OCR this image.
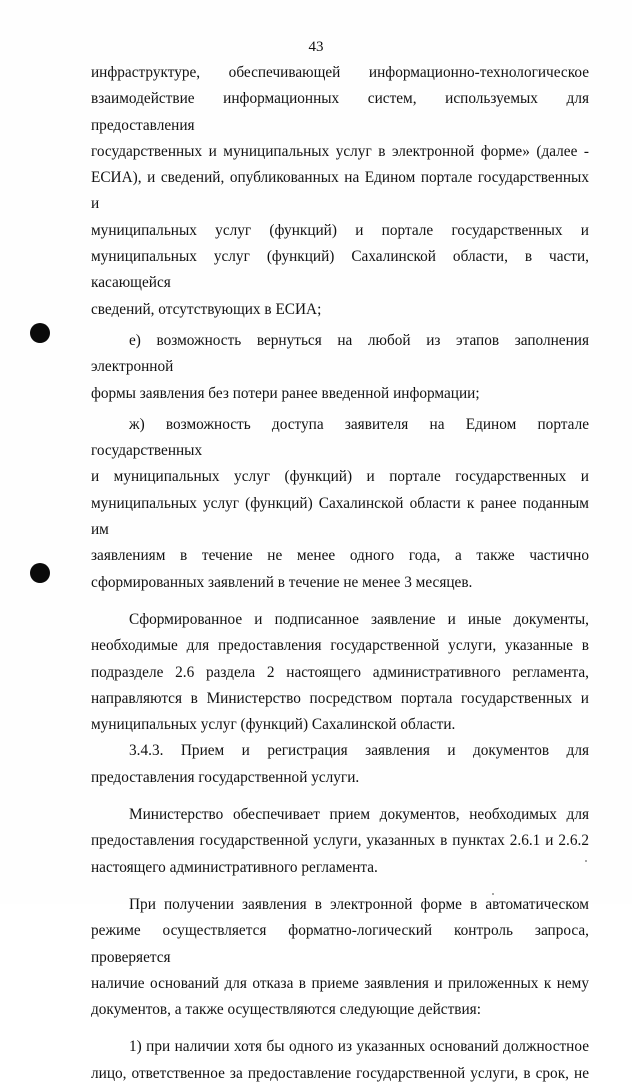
43

инфраструктуре, обеспечивающей информационно-технологическое

взаимодействие информационных систем, используемых для предоставления

государственных и муниципальных услуг в электронной форме» (далее -

ЕСИА), и сведений, опубликованных на Едином портале государственных и

муниципальных услуг (функций) и портале государственных и

муниципальных услуг (функций) Сахалинской области, в части, касающейся

сведений, отсутствующих в ЕСИА;

е) возможность вернуться на любой из этапов заполнения электронной

формы заявления без потери ранее введенной информации;

ж) возможность доступа заявителя на Едином портале государственных

и муниципальных услуг (функций) и портале государственных и

муниципальных услуг (функций) Сахалинской области к ранее поданным им

заявлениям в течение не менее одного года, а также частично

сформированных заявлений в течение не менее 3 месяцев.

Сформированное и подписанное заявление и иные документы,

необходимые для предоставления государственной услуги, указанные в

подразделе 2.6 раздела 2 настоящего административного регламента,

направляются в Министерство посредством портала государственных и

муниципальных услуг (функций) Сахалинской области.

3.4.3. Прием и регистрация заявления и документов для

предоставления государственной услуги.

Министерство обеспечивает прием документов, необходимых для

предоставления государственной услуги, указанных в пунктах 2.6.1 и 2.6.2

настоящего административного регламента.

При получении заявления в электронной форме в автоматическом

режиме осуществляется форматно-логический контроль запроса, проверяется

наличие оснований для отказа в приеме заявления и приложенных к нему

документов, а также осуществляются следующие действия:

1) при наличии хотя бы одного из указанных оснований должностное

лицо, ответственное за предоставление государственной услуги, в срок, не
